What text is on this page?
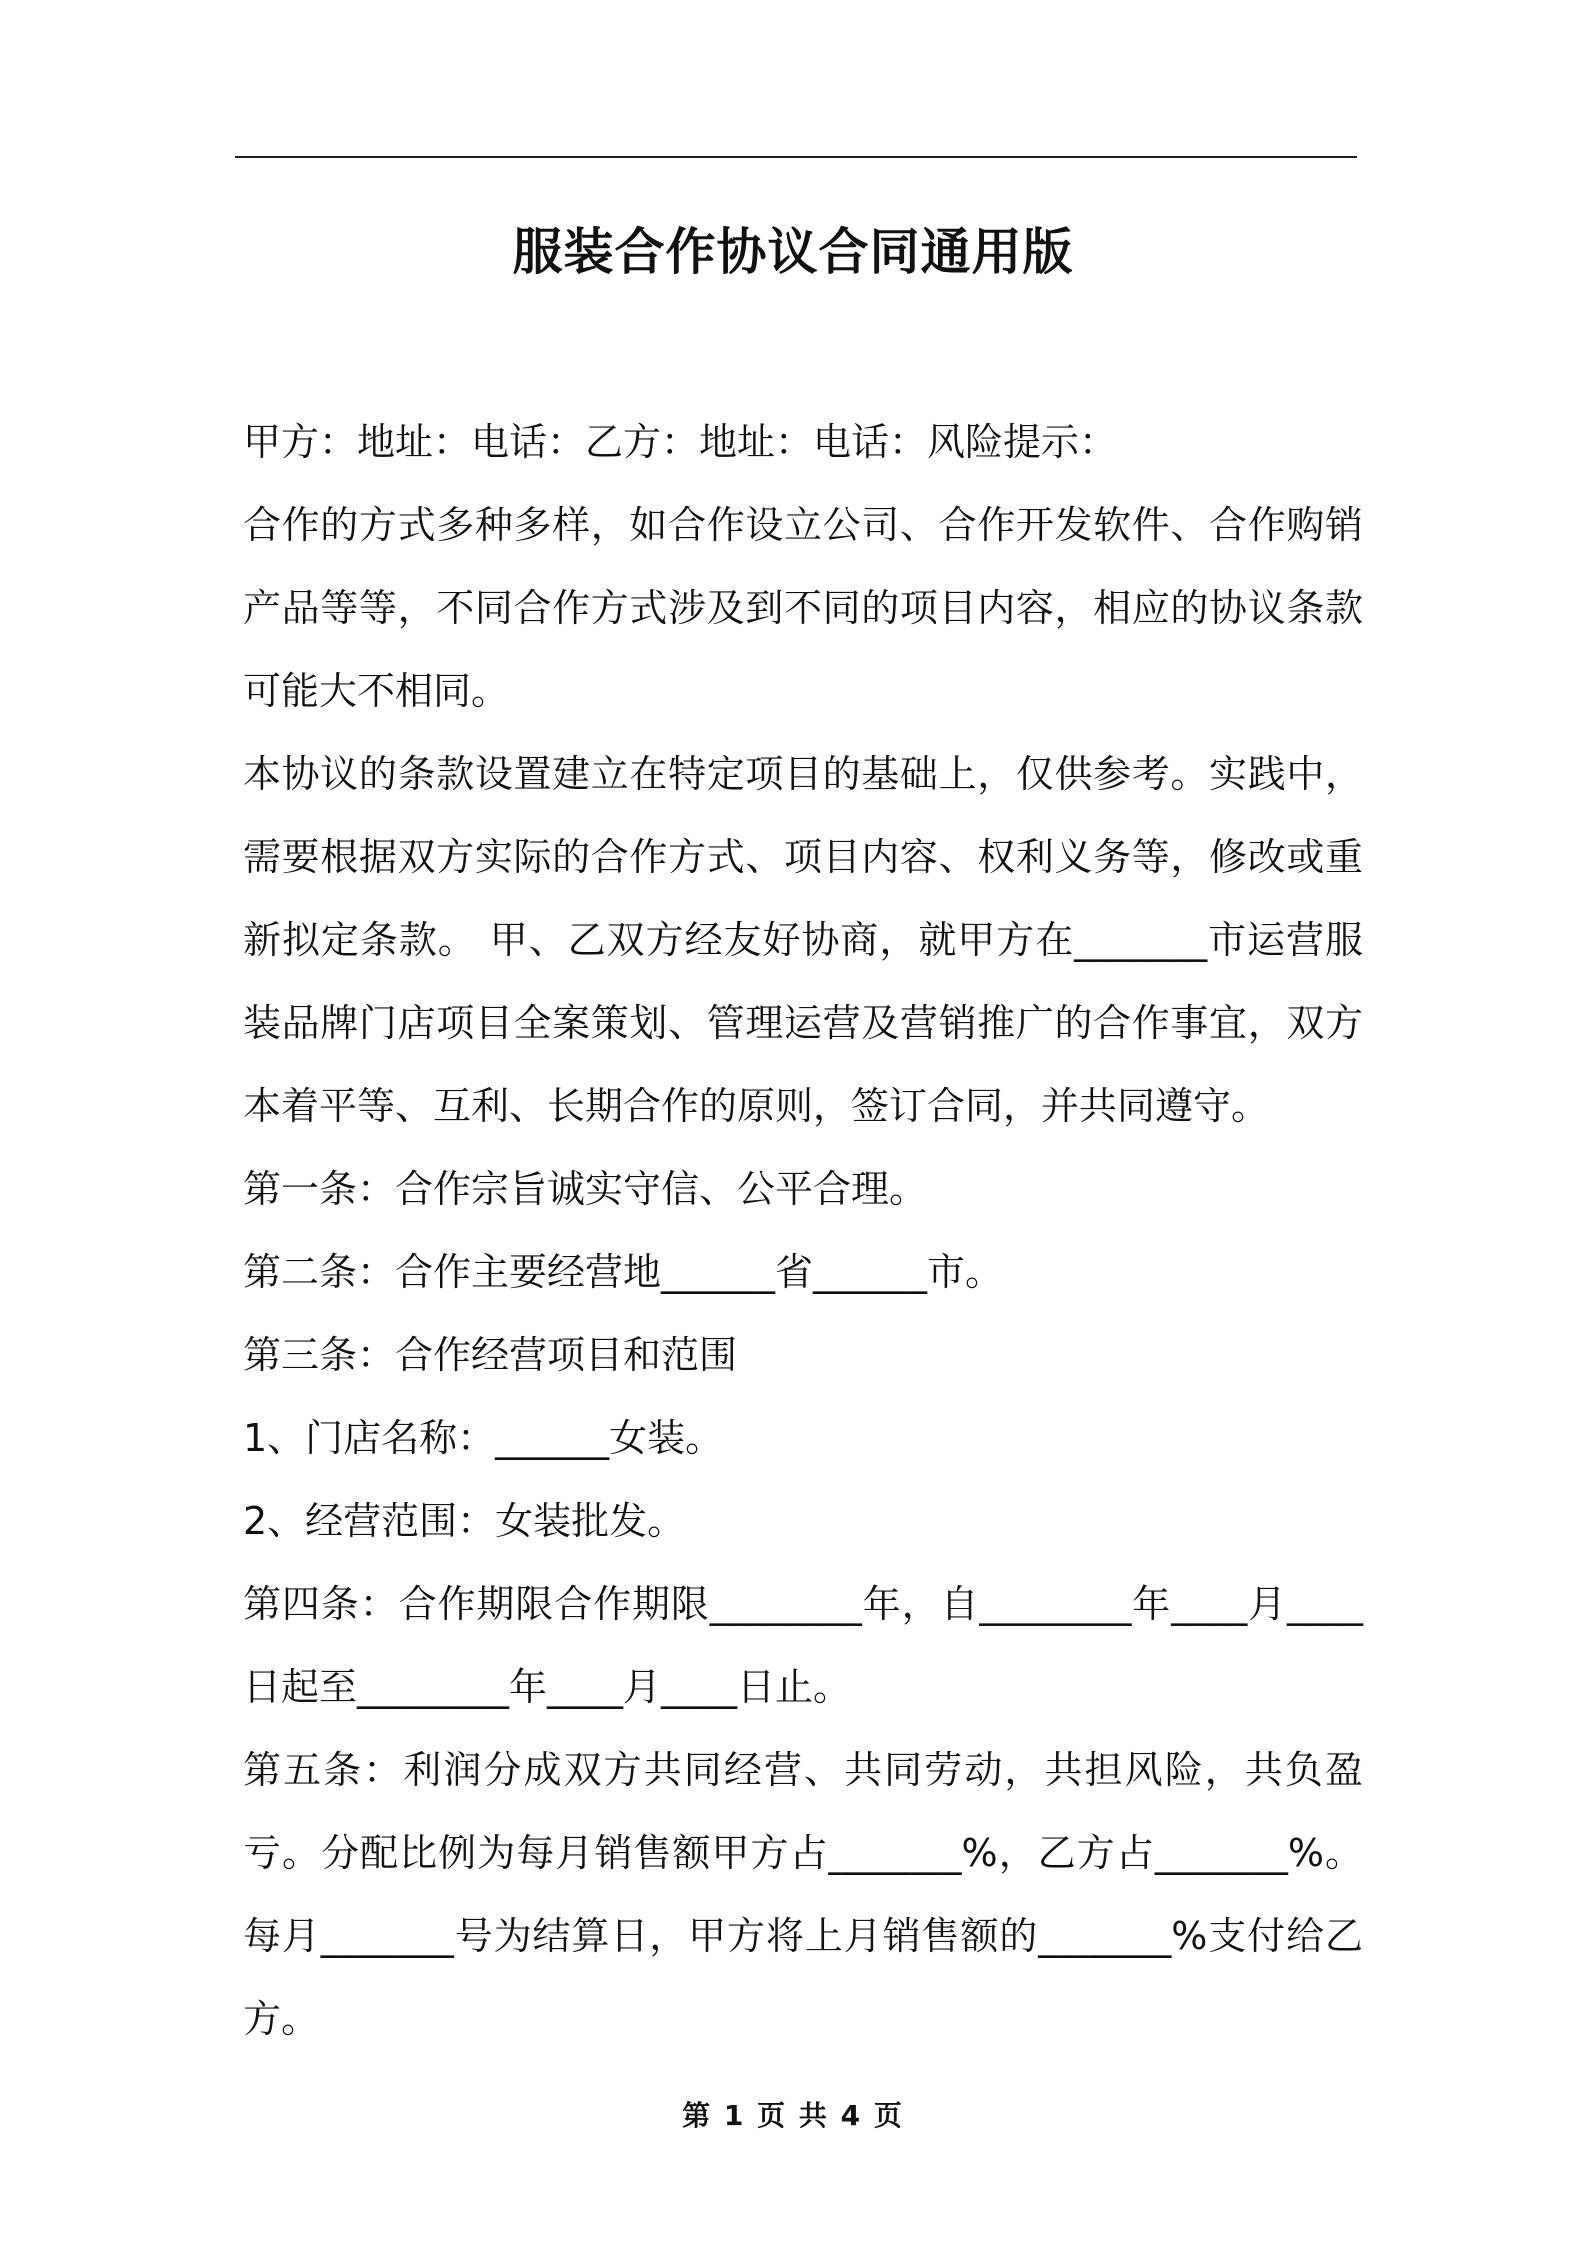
服装合作协议合同通用版

甲方：地址：电话：乙方：地址：电话：风险提示：

合作的方式多种多样，如合作设立公司、合作开发软件、合作购销产品等等，不同合作方式涉及到不同的项目内容，相应的协议条款可能大不相同。

本协议的条款设置建立在特定项目的基础上，仅供参考。实践中，需要根据双方实际的合作方式、项目内容、权利义务等，修改或重新拟定条款。 甲、乙双方经友好协商，就甲方在_______市运营服装品牌门店项目全案策划、管理运营及营销推广的合作事宜，双方本着平等、互利、长期合作的原则，签订合同，并共同遵守。

第一条：合作宗旨诚实守信、公平合理。

第二条：合作主要经营地______省______市。

第三条：合作经营项目和范围

1、门店名称：______女装。

2、经营范围：女装批发。

第四条：合作期限合作期限________年，自________年____月____日起至________年____月____日止。

第五条：利润分成双方共同经营、共同劳动，共担风险，共负盈亏。分配比例为每月销售额甲方占_______%，乙方占_______%。每月_______号为结算日，甲方将上月销售额的_______%支付给乙方。

第 1 页 共 4 页
